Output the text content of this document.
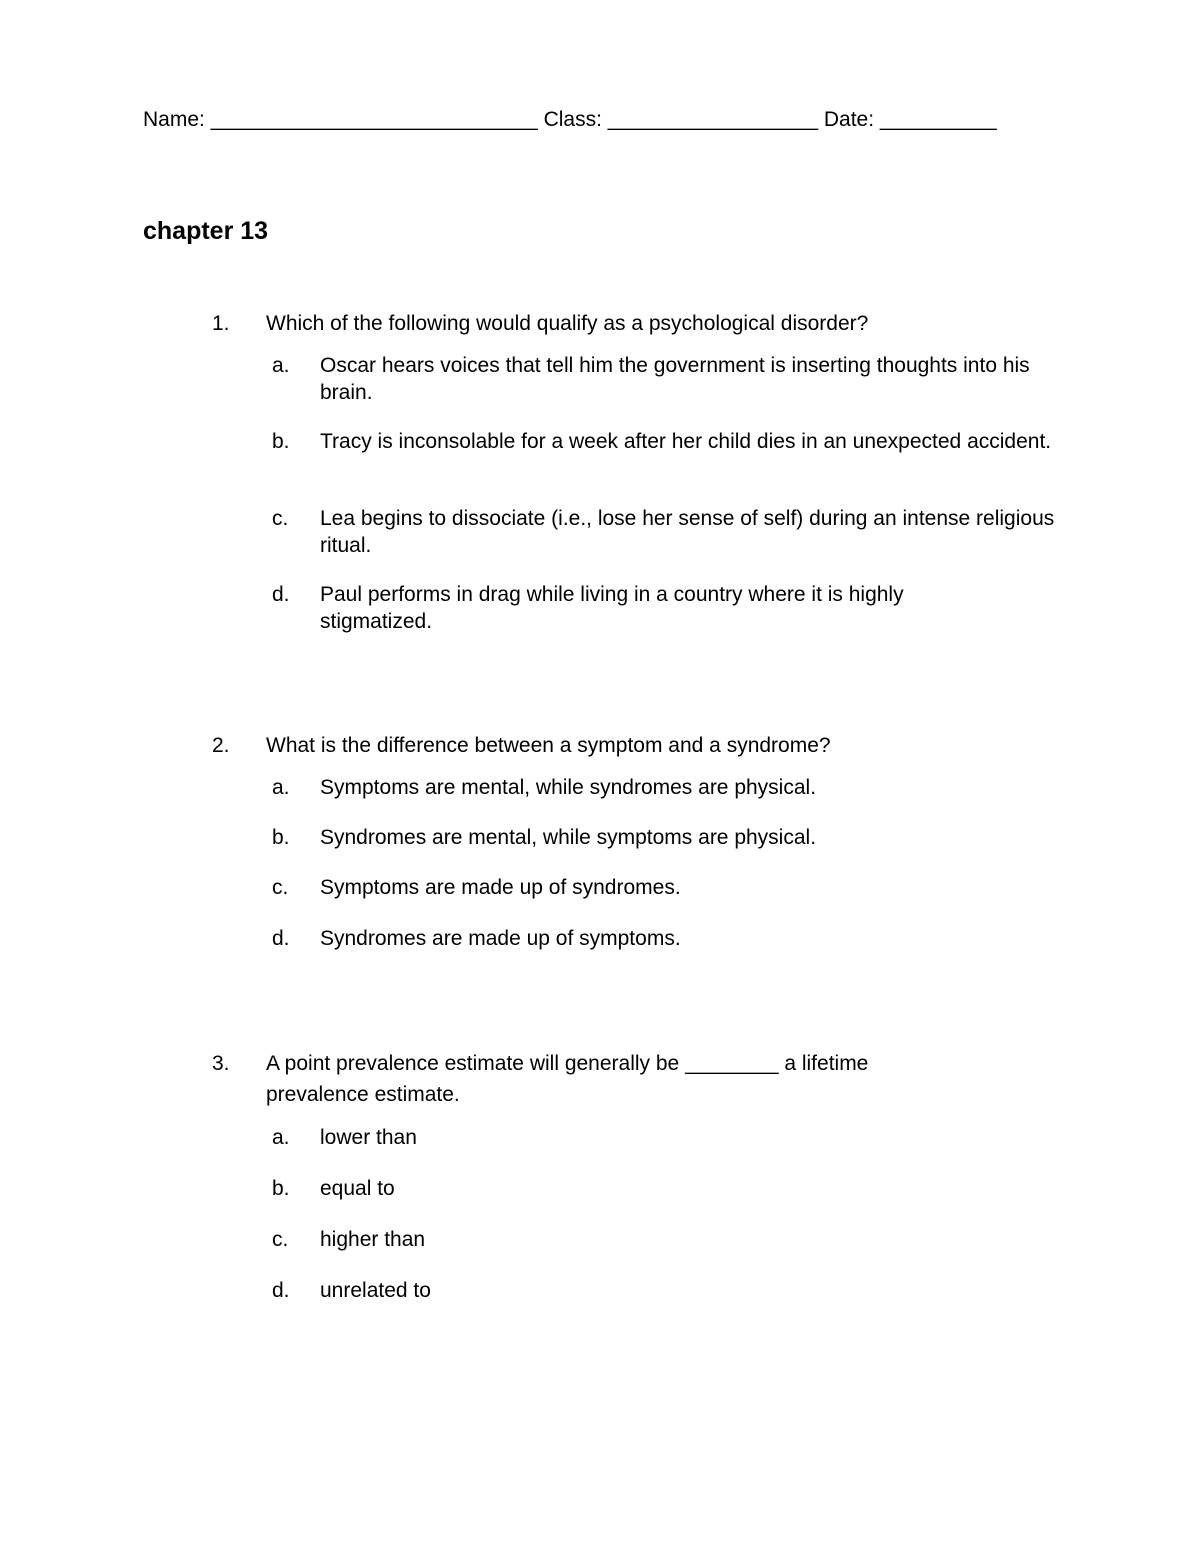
Name: ____________________________ Class: __________________ Date: __________
chapter 13
1. Which of the following would qualify as a psychological disorder?

a. Oscar hears voices that tell him the government is inserting thoughts into his brain.

b. Tracy is inconsolable for a week after her child dies in an unexpected accident.

c. Lea begins to dissociate (i.e., lose her sense of self) during an intense religious ritual.

d. Paul performs in drag while living in a country where it is highly stigmatized.

2. What is the difference between a symptom and a syndrome?

a. Symptoms are mental, while syndromes are physical.

b. Syndromes are mental, while symptoms are physical.

c. Symptoms are made up of syndromes.

d. Syndromes are made up of symptoms.

3. A point prevalence estimate will generally be ________ a lifetime prevalence estimate.

a. lower than

b. equal to

c. higher than

d. unrelated to
